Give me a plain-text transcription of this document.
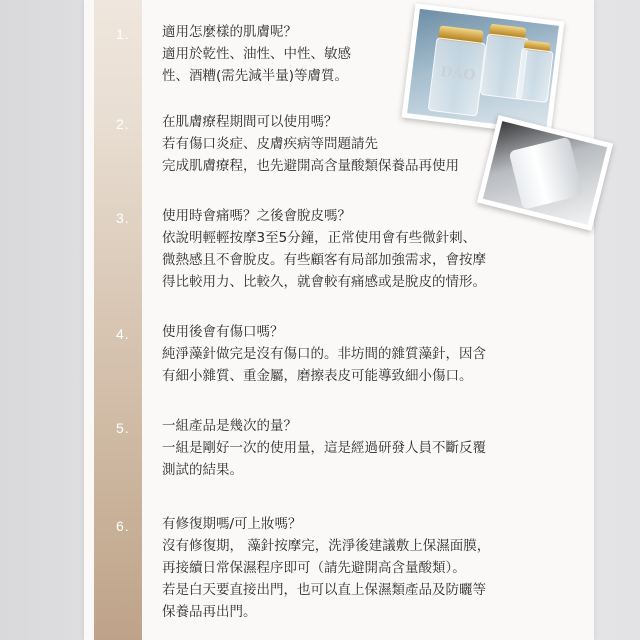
1.
2.
3.
4.
5.
6.
適用怎麼樣的肌膚呢？
適用於乾性、油性、中性、敏感
性、酒糟(需先減半量)等膚質。
在肌膚療程期間可以使用嗎？
若有傷口炎症、皮膚疾病等問題請先
完成肌膚療程，也先避開高含量酸類保養品再使用
使用時會痛嗎？之後會脫皮嗎？
依說明輕輕按摩3至5分鐘，正常使用會有些微針刺、
微熱感且不會脫皮。有些顧客有局部加強需求，會按摩
得比較用力、比較久，就會較有痛感或是脫皮的情形。
使用後會有傷口嗎？
純淨藻針做完是沒有傷口的。非坊間的雜質藻針，因含
有細小雜質、重金屬，磨擦表皮可能導致細小傷口。
一組產品是幾次的量？
一組是剛好一次的使用量，這是經過研發人員不斷反覆
測試的結果。
有修復期嗎/可上妝嗎？
沒有修復期， 藻針按摩完，洗淨後建議敷上保濕面膜，
再接續日常保濕程序即可（請先避開高含量酸類）。
若是白天要直接出門，也可以直上保濕類產品及防曬等
保養品再出門。
DAO
